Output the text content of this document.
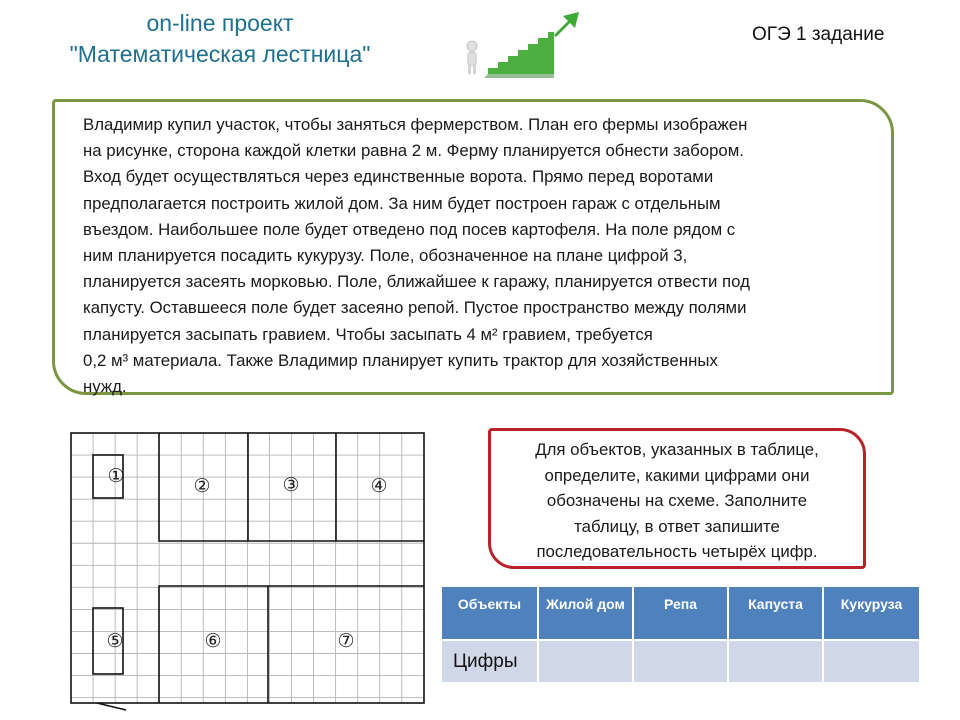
on-line проект
"Математическая лестница"
ОГЭ 1 задание
Владимир купил участок, чтобы заняться фермерством. План его фермы изображен
на рисунке, сторона каждой клетки равна 2 м. Ферму планируется обнести забором.
Вход будет осуществляться через единственные ворота. Прямо перед воротами
предполагается построить жилой дом. За ним будет построен гараж с отдельным
въездом. Наибольшее поле будет отведено под посев картофеля. На поле рядом с
ним планируется посадить кукурузу. Поле, обозначенное на плане цифрой 3,
планируется засеять морковью. Поле, ближайшее к гаражу, планируется отвести под
капусту. Оставшееся поле будет засеяно репой. Пустое пространство между полями
планируется засыпать гравием. Чтобы засыпать 4 м² гравием, требуется
0,2 м³ материала. Также Владимир планирует купить трактор для хозяйственных
нужд.
①	②	③	④
⑤	⑥	⑦
Для объектов, указанных в таблице,
определите, какими цифрами они
обозначены на схеме. Заполните
таблицу, в ответ запишите
последовательность четырёх цифр.
Объекты	Жилой дом	Репа	Капуста	Кукуруза
Цифры				
